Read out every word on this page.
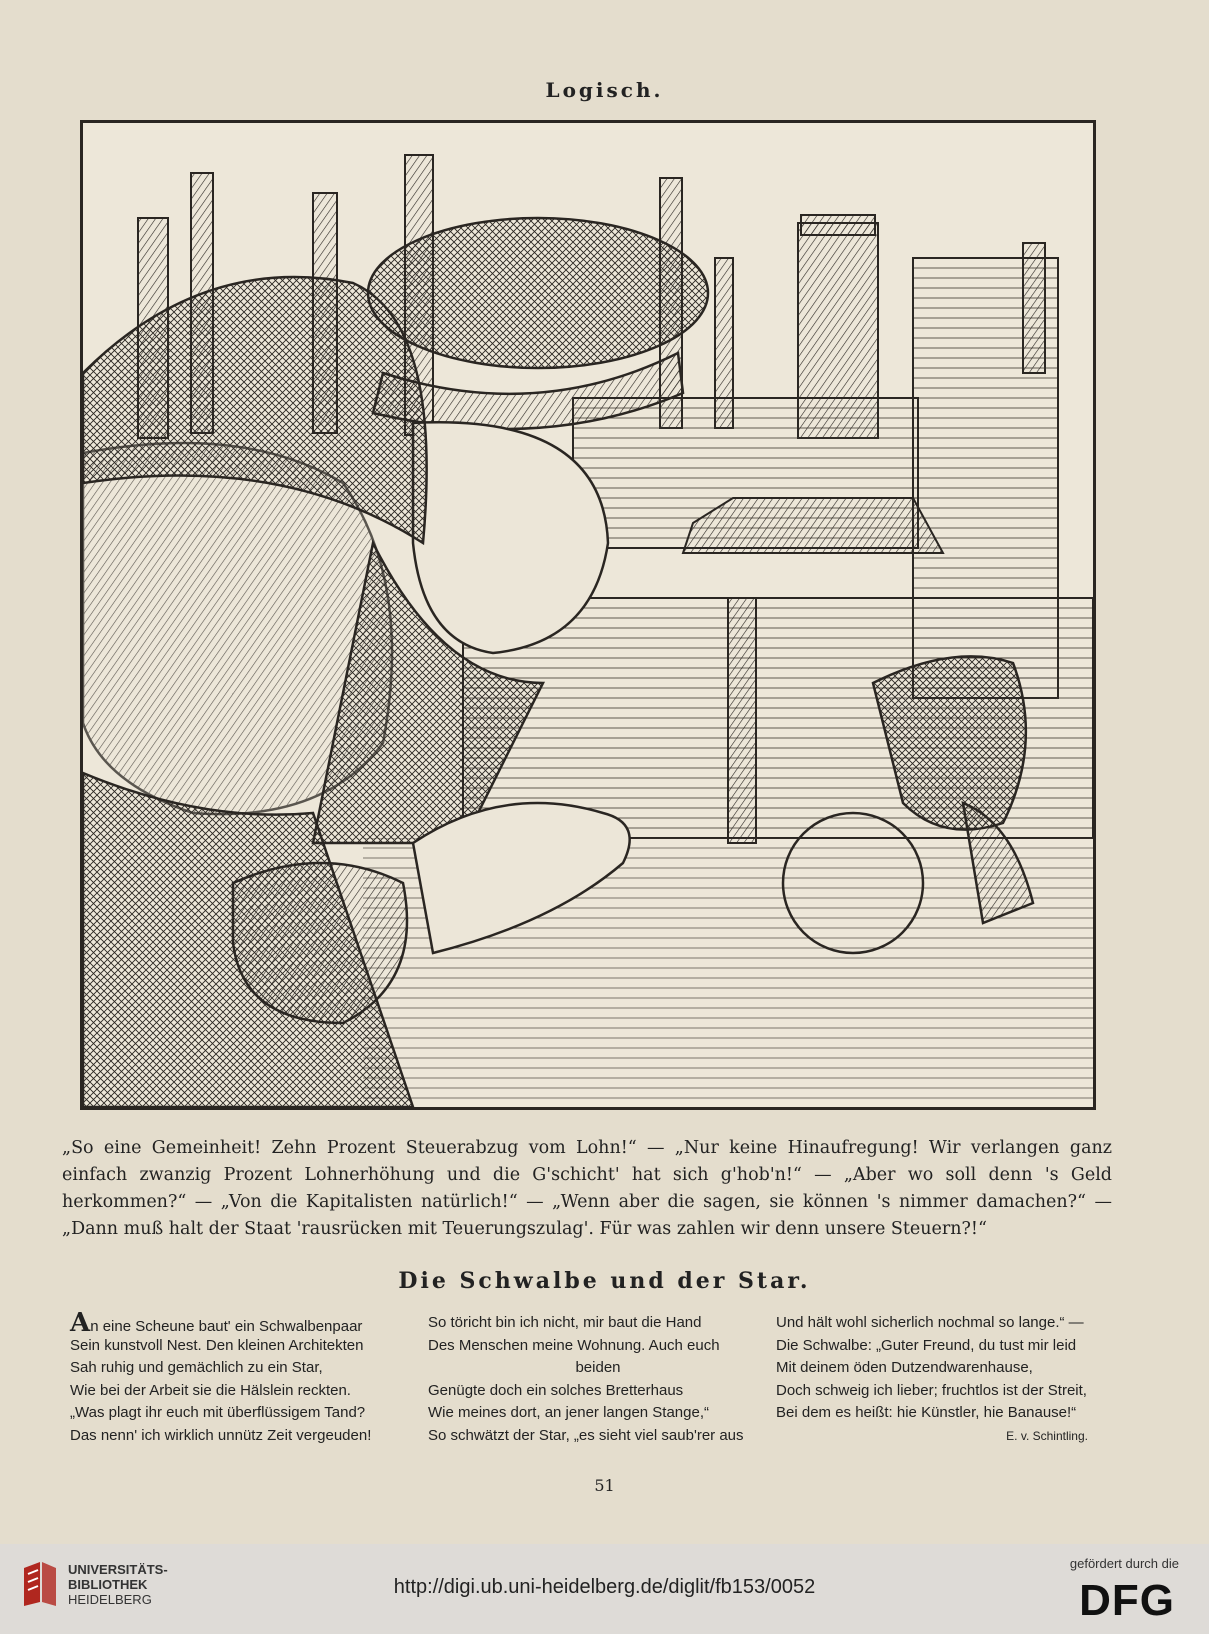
Logisch.

„So eine Gemeinheit! Zehn Prozent Steuerabzug vom Lohn!“ — „Nur keine Hinaufregung! Wir verlangen ganz einfach zwanzig Prozent Lohnerhöhung und die G'schicht' hat sich g'hob'n!“ — „Aber wo soll denn 's Geld herkommen?“ — „Von die Kapitalisten natürlich!“ — „Wenn aber die sagen, sie können 's nimmer damachen?“ — „Dann muß halt der Staat 'rausrücken mit Teuerungszulag'. Für was zahlen wir denn unsere Steuern?!“

Die Schwalbe und der Star.
An eine Scheune baut' ein Schwalbenpaar
Sein kunstvoll Nest. Den kleinen Architekten
Sah ruhig und gemächlich zu ein Star,
Wie bei der Arbeit sie die Hälslein reckten.
„Was plagt ihr euch mit überflüssigem Tand?
Das nenn' ich wirklich unnütz Zeit vergeuden!
So töricht bin ich nicht, mir baut die Hand
Des Menschen meine Wohnung. Auch euch
beiden
Genügte doch ein solches Bretterhaus
Wie meines dort, an jener langen Stange,“
So schwätzt der Star, „es sieht viel saub'rer aus
Und hält wohl sicherlich nochmal so lange.“ —
Die Schwalbe: „Guter Freund, du tust mir leid
Mit deinem öden Dutzendwarenhause,
Doch schweig ich lieber; fruchtlos ist der Streit,
Bei dem es heißt: hie Künstler, hie Banause!“
E. v. Schintling.
51
UNIVERSITÄTS-
BIBLIOTHEK
HEIDELBERG
http://digi.ub.uni-heidelberg.de/diglit/fb153/0052
gefördert durch die
DFG
